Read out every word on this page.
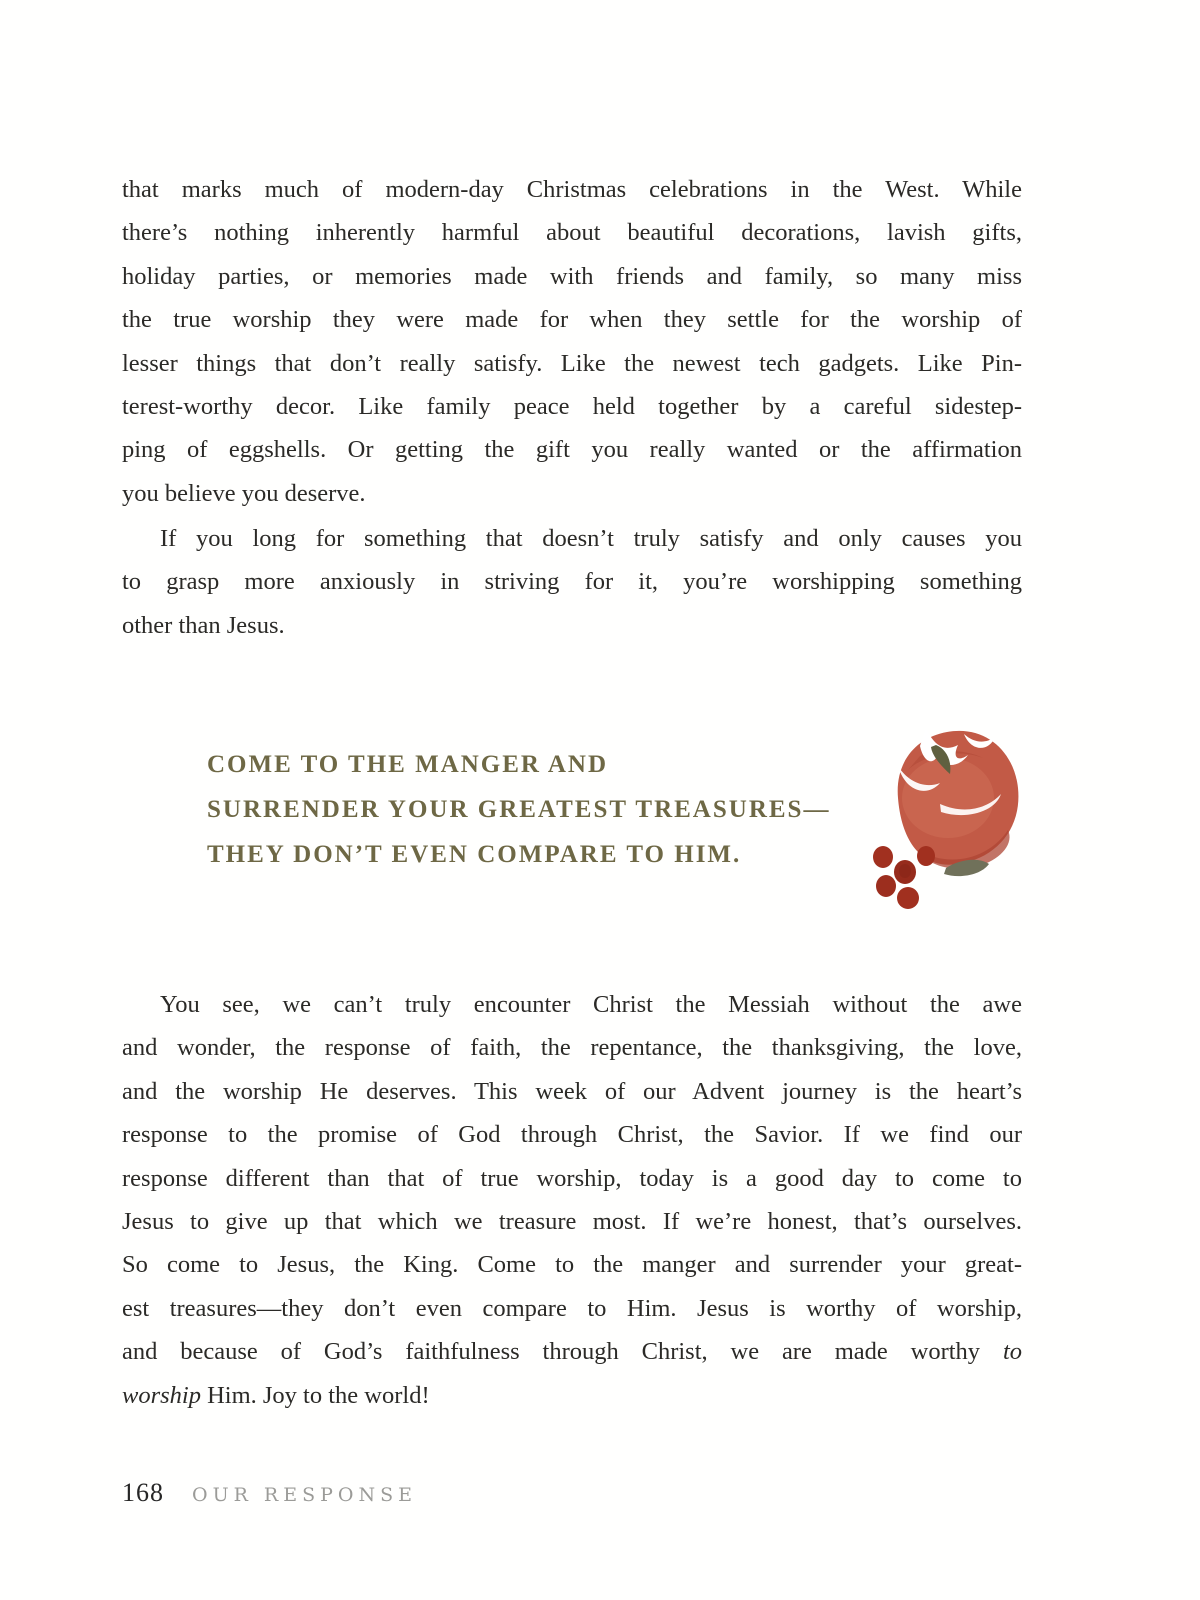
that marks much of modern-day Christmas celebrations in the West. While
there’s nothing inherently harmful about beautiful decorations, lavish gifts,
holiday parties, or memories made with friends and family, so many miss
the true worship they were made for when they settle for the worship of
lesser things that don’t really satisfy. Like the newest tech gadgets. Like Pin-
terest-worthy decor. Like family peace held together by a careful sidestep-
ping of eggshells. Or getting the gift you really wanted or the affirmation
you believe you deserve.
If you long for something that doesn’t truly satisfy and only causes you
to grasp more anxiously in striving for it, you’re worshipping something
other than Jesus.
COME TO THE MANGER AND
SURRENDER YOUR GREATEST TREASURES—
THEY DON’T EVEN COMPARE TO HIM.
You see, we can’t truly encounter Christ the Messiah without the awe
and wonder, the response of faith, the repentance, the thanksgiving, the love,
and the worship He deserves. This week of our Advent journey is the heart’s
response to the promise of God through Christ, the Savior. If we find our
response different than that of true worship, today is a good day to come to
Jesus to give up that which we treasure most. If we’re honest, that’s ourselves.
So come to Jesus, the King. Come to the manger and surrender your great-
est treasures—they don’t even compare to Him. Jesus is worthy of worship,
and because of God’s faithfulness through Christ, we are made worthy to
worship Him. Joy to the world!
168 OUR RESPONSE
